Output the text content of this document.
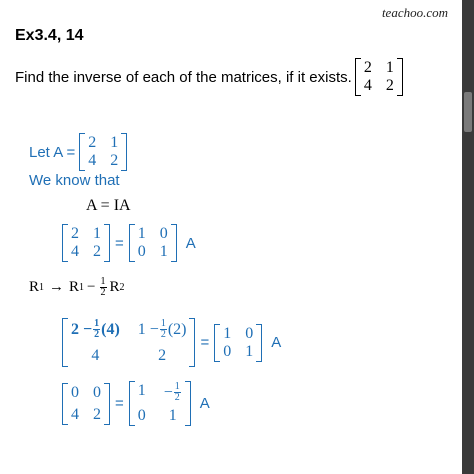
teachoo.com
Ex3.4, 14
Find the inverse of each of the matrices, if it exists.
2 1
4 2
Let A =
2 1
4 2
We know that
A = IA
2 1
4 2 =
1 0
0 1 A
R 1 → R $1 - \frac{1}{2}$ R 2
$2 - \frac{1}{2} (4) 1 - \frac{1}{2} (2)$
4	2
=
1 0
0 1 A
0 0
4 2
=
$1 - \frac{1}{2}$
0	1
A
